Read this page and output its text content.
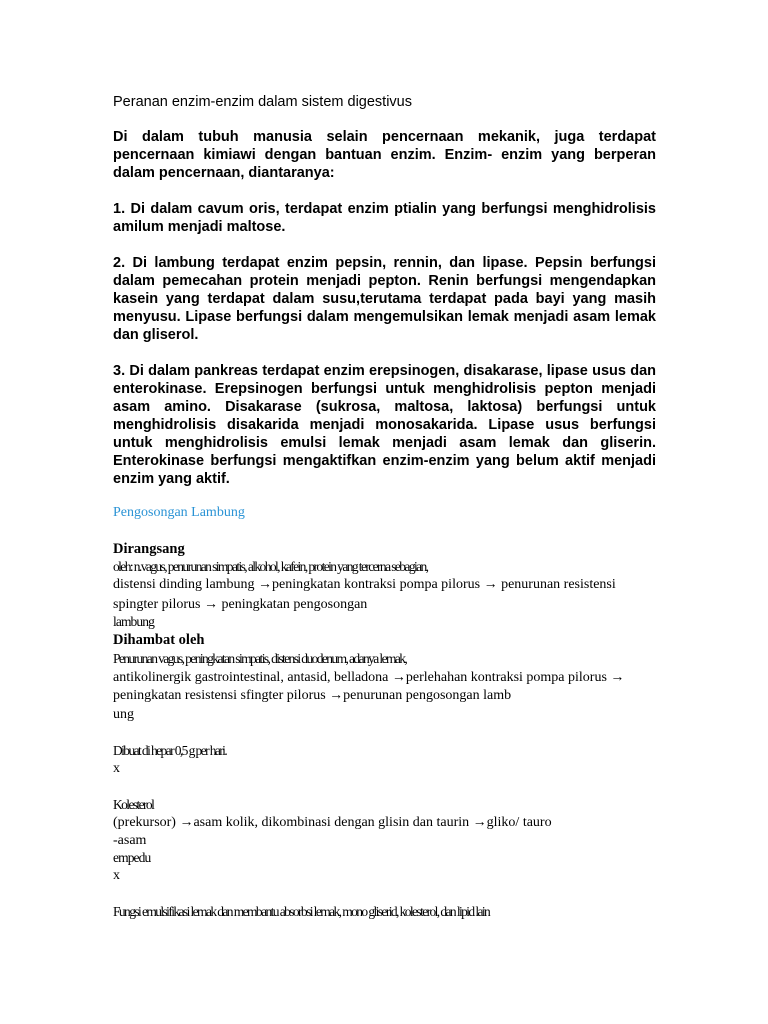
Peranan enzim-enzim dalam sistem digestivus
Di dalam tubuh manusia selain pencernaan mekanik, juga terdapat pencernaan kimiawi dengan bantuan enzim. Enzim- enzim yang berperan dalam pencernaan, diantaranya:
1. Di dalam cavum oris, terdapat enzim ptialin yang berfungsi menghidrolisis amilum menjadi maltose.
2. Di lambung terdapat enzim pepsin, rennin, dan lipase. Pepsin berfungsi dalam pemecahan protein menjadi pepton. Renin berfungsi mengendapkan kasein yang terdapat dalam susu,terutama terdapat pada bayi yang masih menyusu. Lipase berfungsi dalam mengemulsikan lemak menjadi asam lemak dan gliserol.
3. Di dalam pankreas terdapat enzim erepsinogen, disakarase, lipase usus dan enterokinase. Erepsinogen berfungsi untuk menghidrolisis pepton menjadi asam amino. Disakarase (sukrosa, maltosa, laktosa) berfungsi untuk menghidrolisis disakarida menjadi monosakarida. Lipase usus berfungsi untuk menghidrolisis emulsi lemak menjadi asam lemak dan gliserin. Enterokinase berfungsi mengaktifkan enzim-enzim yang belum aktif menjadi enzim yang aktif.
Pengosongan Lambung
Dirangsang
oleh: n.vagus, penurunan simpatis, alkohol, kafein, protein yang tercerna sebagian,
distensi dinding lambung →peningkatan kontraksi pompa pilorus → penurunan resistensi
spingter pilorus → peningkatan pengosongan
lambung
Dihambat oleh
Penurunan vagus, peningkatan simpatis, distensi duodenum, adanya lemak,
antikolinergik gastrointestinal, antasid, belladona →perlehahan kontraksi pompa pilorus →
peningkatan resistensi sfingter pilorus →penurunan pengosongan lamb
ung
Dibuat di hepar 0,5 g per hari.
x
Kolesterol
(prekursor) →asam kolik, dikombinasi dengan glisin dan taurin →gliko/ tauro
-asam
empedu
x
Fungsi emulsifikasi lemak dan membantu absorbsi lemak, mono gliserid, kolesterol, dan lipid lain
